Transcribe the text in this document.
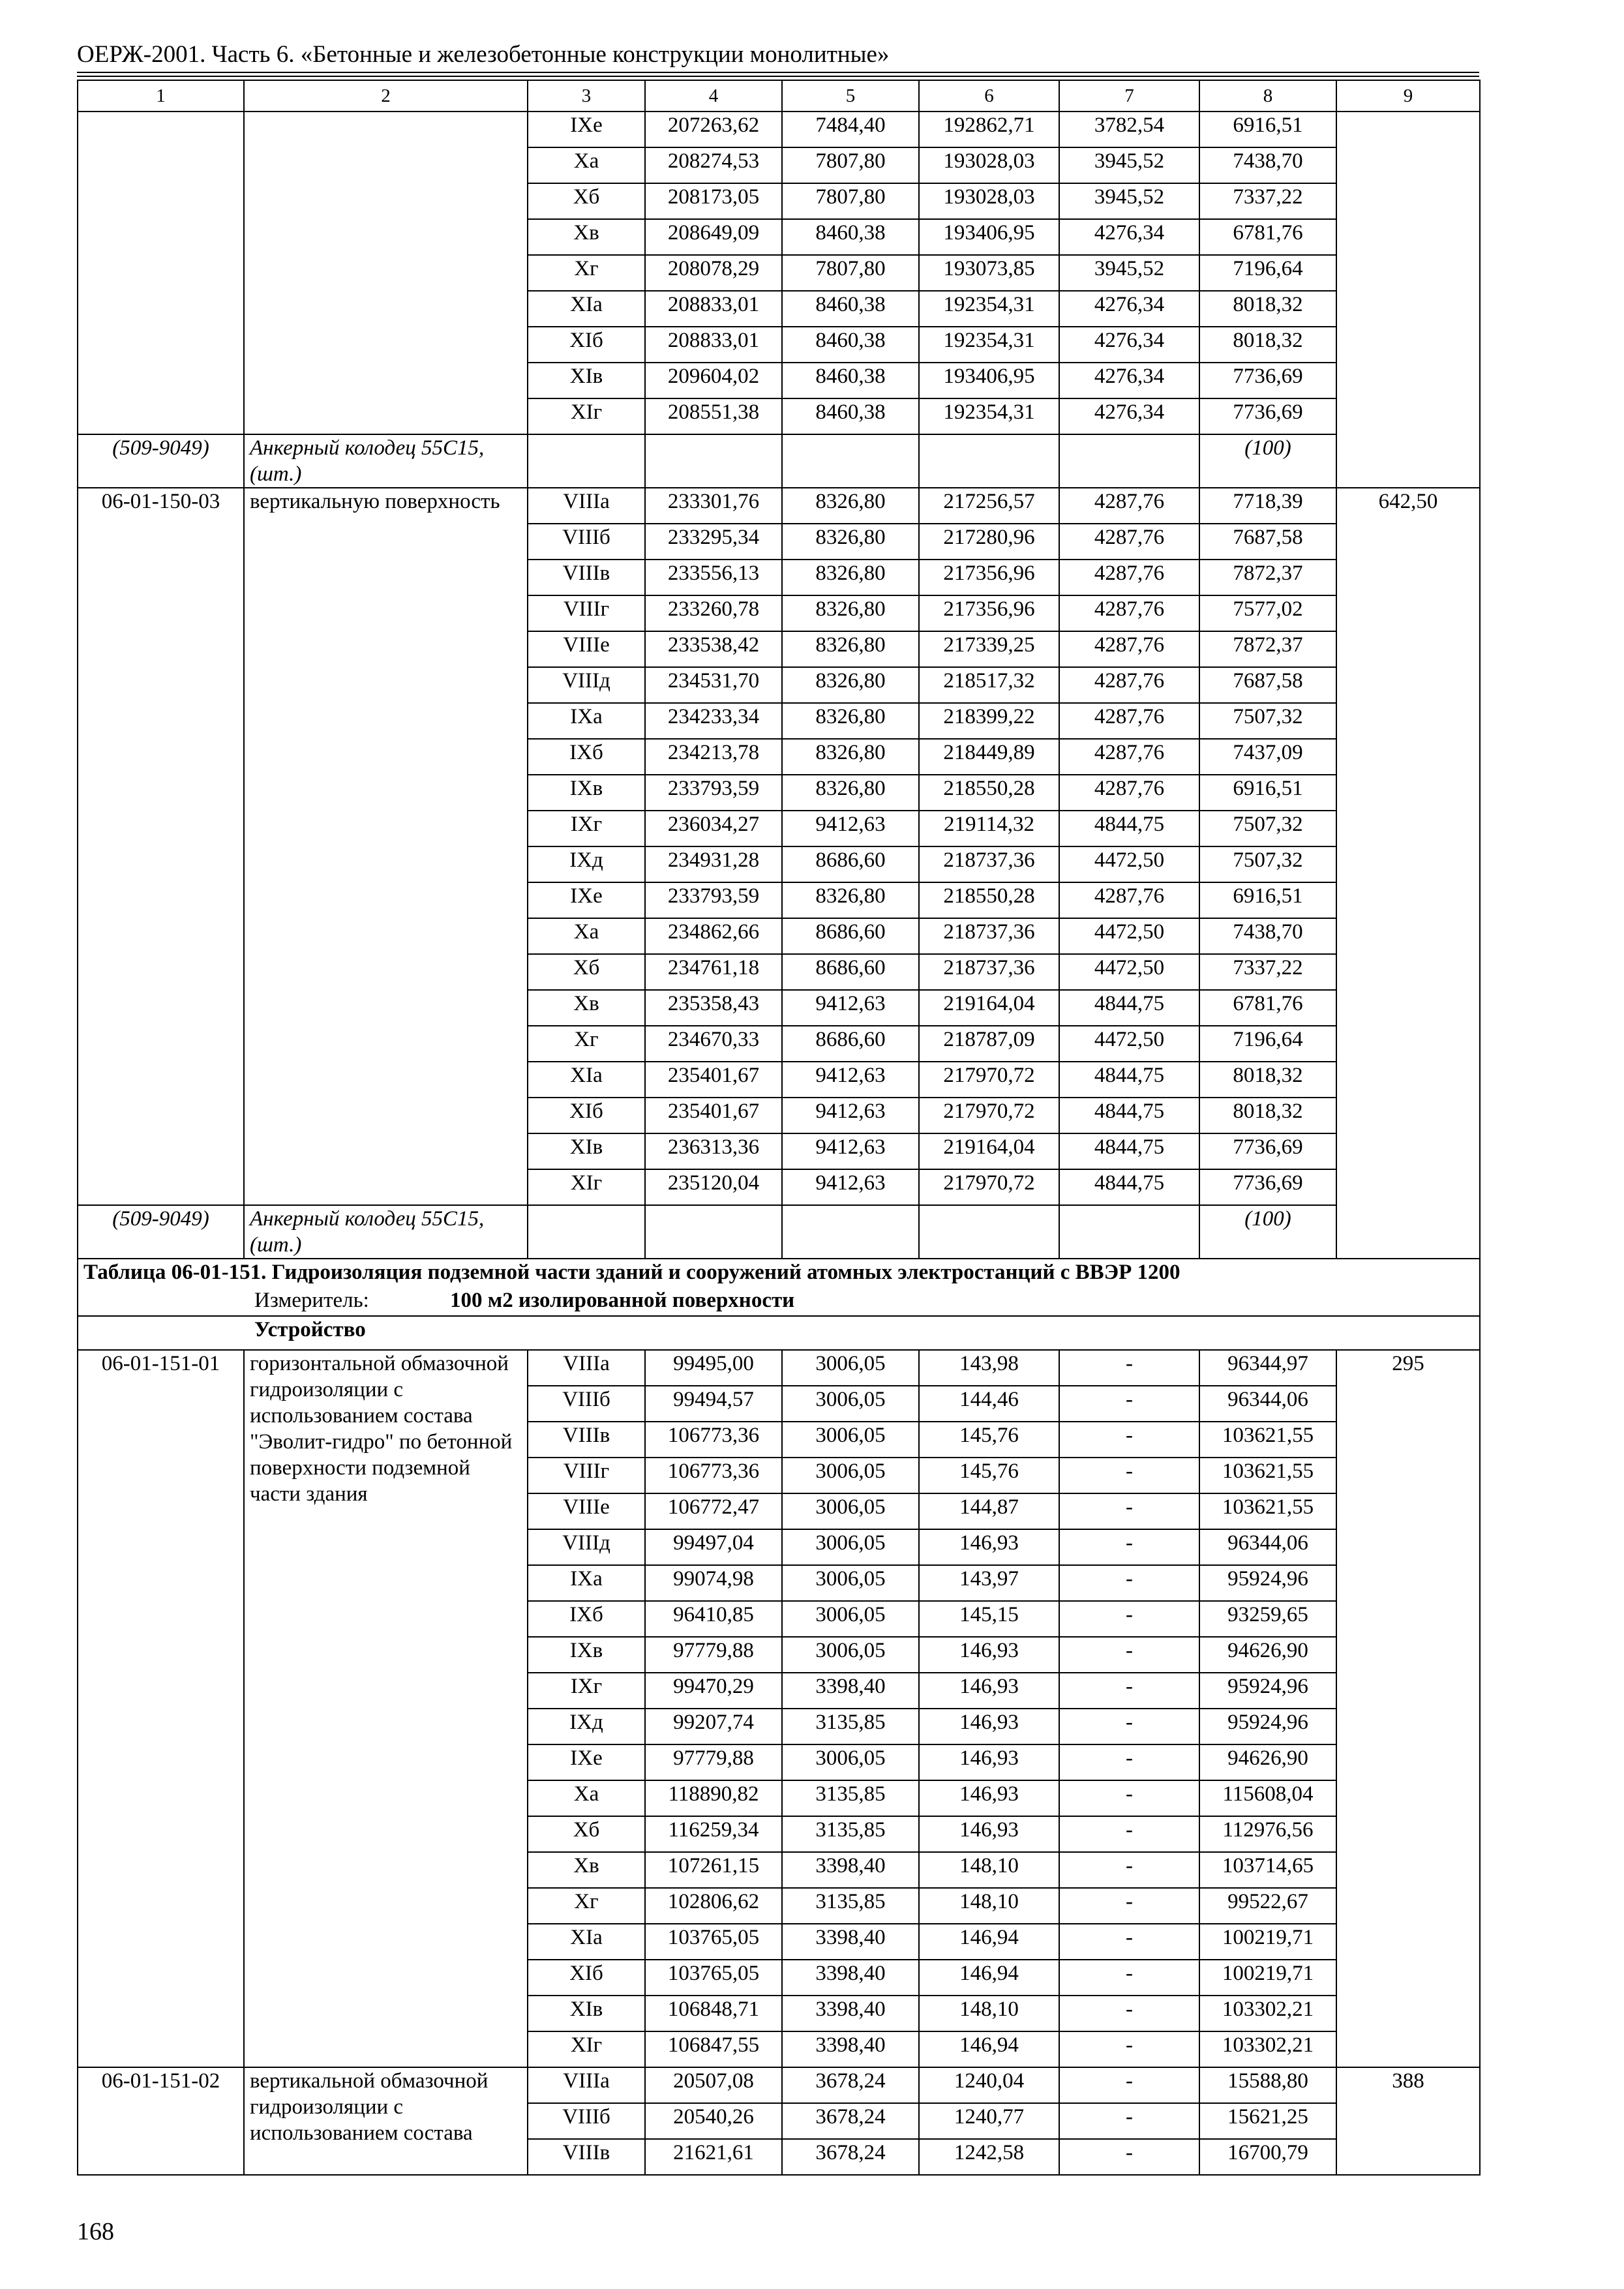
ОЕРЖ-2001. Часть 6. «Бетонные и железобетонные конструкции монолитные»
1	2	3	4	5	6	7	8	9
		IXе	207263,62	7484,40	192862,71	3782,54	6916,51	
		Xа	208274,53	7807,80	193028,03	3945,52	7438,70	
		Xб	208173,05	7807,80	193028,03	3945,52	7337,22	
		Xв	208649,09	8460,38	193406,95	4276,34	6781,76	
		Xг	208078,29	7807,80	193073,85	3945,52	7196,64	
		XIа	208833,01	8460,38	192354,31	4276,34	8018,32	
		XIб	208833,01	8460,38	192354,31	4276,34	8018,32	
		XIв	209604,02	8460,38	193406,95	4276,34	7736,69	
		XIг	208551,38	8460,38	192354,31	4276,34	7736,69	
(509-9049)	Анкерный колодец 55С15, (шт.)						(100)	
06-01-150-03	вертикальную поверхность	VIIIа	233301,76	8326,80	217256,57	4287,76	7718,39	642,50
		VIIIб	233295,34	8326,80	217280,96	4287,76	7687,58	
		VIIIв	233556,13	8326,80	217356,96	4287,76	7872,37	
		VIIIг	233260,78	8326,80	217356,96	4287,76	7577,02	
		VIIIе	233538,42	8326,80	217339,25	4287,76	7872,37	
		VIIIд	234531,70	8326,80	218517,32	4287,76	7687,58	
		IXа	234233,34	8326,80	218399,22	4287,76	7507,32	
		IXб	234213,78	8326,80	218449,89	4287,76	7437,09	
		IXв	233793,59	8326,80	218550,28	4287,76	6916,51	
		IXг	236034,27	9412,63	219114,32	4844,75	7507,32	
		IXд	234931,28	8686,60	218737,36	4472,50	7507,32	
		IXе	233793,59	8326,80	218550,28	4287,76	6916,51	
		Xа	234862,66	8686,60	218737,36	4472,50	7438,70	
		Xб	234761,18	8686,60	218737,36	4472,50	7337,22	
		Xв	235358,43	9412,63	219164,04	4844,75	6781,76	
		Xг	234670,33	8686,60	218787,09	4472,50	7196,64	
		XIа	235401,67	9412,63	217970,72	4844,75	8018,32	
		XIб	235401,67	9412,63	217970,72	4844,75	8018,32	
		XIв	236313,36	9412,63	219164,04	4844,75	7736,69	
		XIг	235120,04	9412,63	217970,72	4844,75	7736,69	
(509-9049)	Анкерный колодец 55С15, (шт.)						(100)	

Таблица 06-01-151. Гидроизоляция подземной части зданий и сооружений атомных электростанций с ВВЭР 1200
Измеритель: 100 м2 изолированной поверхности								

Устройство								
06-01-151-01	горизонтальной обмазочной гидроизоляции с использованием состава "Эволит-гидро" по бетонной поверхности подземной части здания	VIIIа	99495,00	3006,05	143,98	-	96344,97	295
		VIIIб	99494,57	3006,05	144,46	-	96344,06	
		VIIIв	106773,36	3006,05	145,76	-	103621,55	
		VIIIг	106773,36	3006,05	145,76	-	103621,55	
		VIIIе	106772,47	3006,05	144,87	-	103621,55	
		VIIIд	99497,04	3006,05	146,93	-	96344,06	
		IXа	99074,98	3006,05	143,97	-	95924,96	
		IXб	96410,85	3006,05	145,15	-	93259,65	
		IXв	97779,88	3006,05	146,93	-	94626,90	
		IXг	99470,29	3398,40	146,93	-	95924,96	
		IXд	99207,74	3135,85	146,93	-	95924,96	
		IXе	97779,88	3006,05	146,93	-	94626,90	
		Xа	118890,82	3135,85	146,93	-	115608,04	
		Xб	116259,34	3135,85	146,93	-	112976,56	
		Xв	107261,15	3398,40	148,10	-	103714,65	
		Xг	102806,62	3135,85	148,10	-	99522,67	
		XIа	103765,05	3398,40	146,94	-	100219,71	
		XIб	103765,05	3398,40	146,94	-	100219,71	
		XIв	106848,71	3398,40	148,10	-	103302,21	
		XIг	106847,55	3398,40	146,94	-	103302,21	
06-01-151-02	вертикальной обмазочной гидроизоляции с использованием состава	VIIIа	20507,08	3678,24	1240,04	-	15588,80	388
		VIIIб	20540,26	3678,24	1240,77	-	15621,25	
		VIIIв	21621,61	3678,24	1242,58	-	16700,79	
168
